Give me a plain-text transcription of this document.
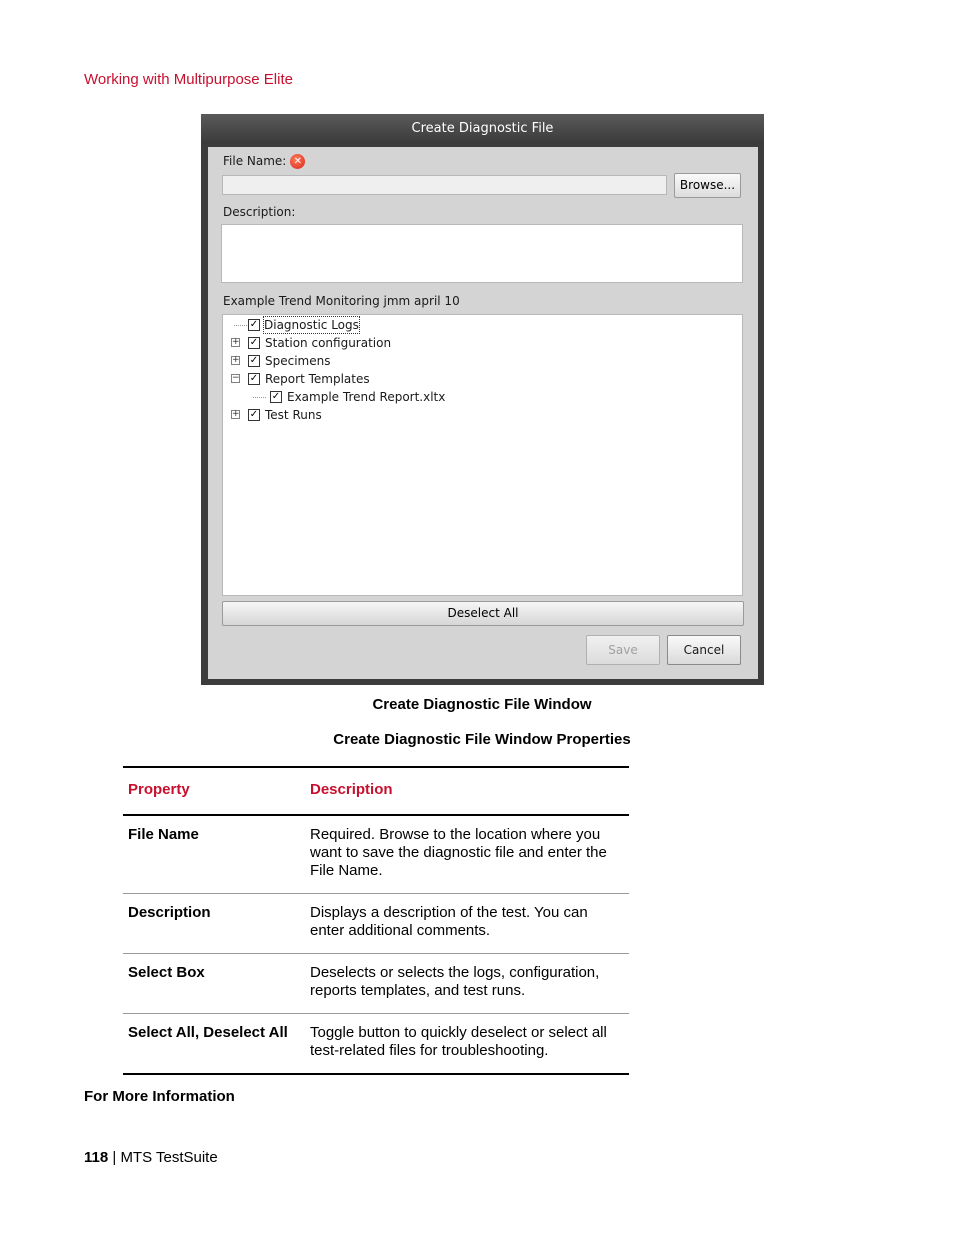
Working with Multipurpose Elite
Create Diagnostic File
File Name: ✕
Browse...
Description:
Example Trend Monitoring jmm april 10
✓ Diagnostic Logs
+ ✓ Station configuration
+ ✓ Specimens
− ✓ Report Templates
✓ Example Trend Report.xltx
+ ✓ Test Runs
Deselect All
Save	Cancel
Create Diagnostic File Window
Create Diagnostic File Window Properties
Property	Description
File Name	Required. Browse to the location where you want to save the diagnostic file and enter the File Name.
Description	Displays a description of the test. You can enter additional comments.
Select Box	Deselects or selects the logs, configuration, reports templates, and test runs.
Select All, Deselect All	Toggle button to quickly deselect or select all test-related files for troubleshooting.
For More Information
118 | MTS TestSuite
